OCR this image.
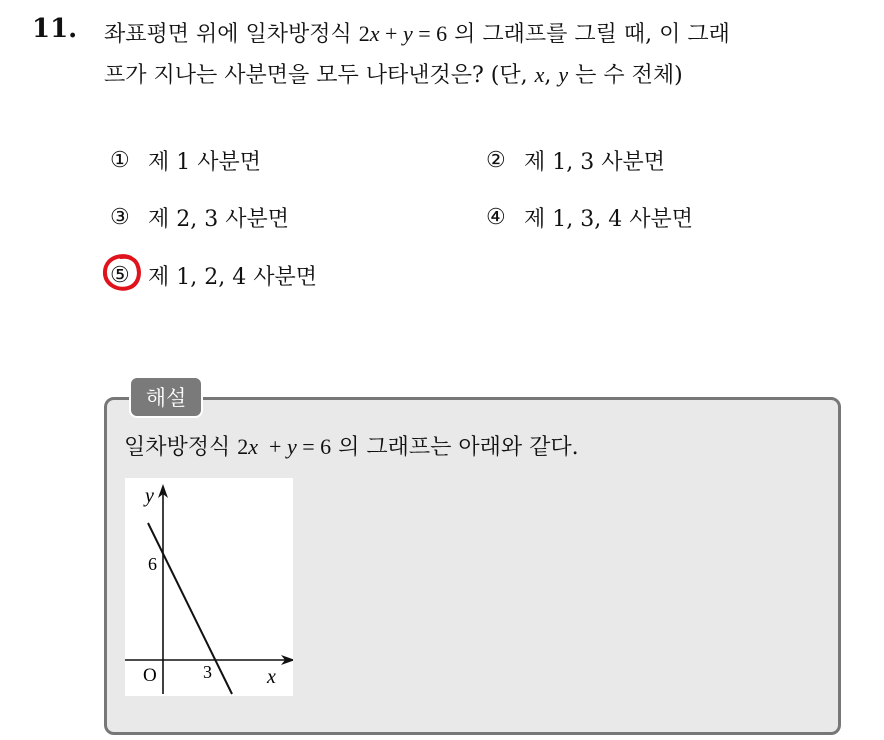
11. 좌표평면 위에 일차방정식 2x + y = 6 의 그래프를 그릴 때, 이 그래
프가 지나는 사분면을 모두 나타낸것은? (단, x, y 는 수 전체)
① 제 1 사분면	② 제 1, 3 사분면
③ 제 2, 3 사분면	④ 제 1, 3, 4 사분면
⑤ 제 1, 2, 4 사분면
해설
일차방정식 2x  + y = 6 의 그래프는 아래와 같다.
y
x
O
6
3
